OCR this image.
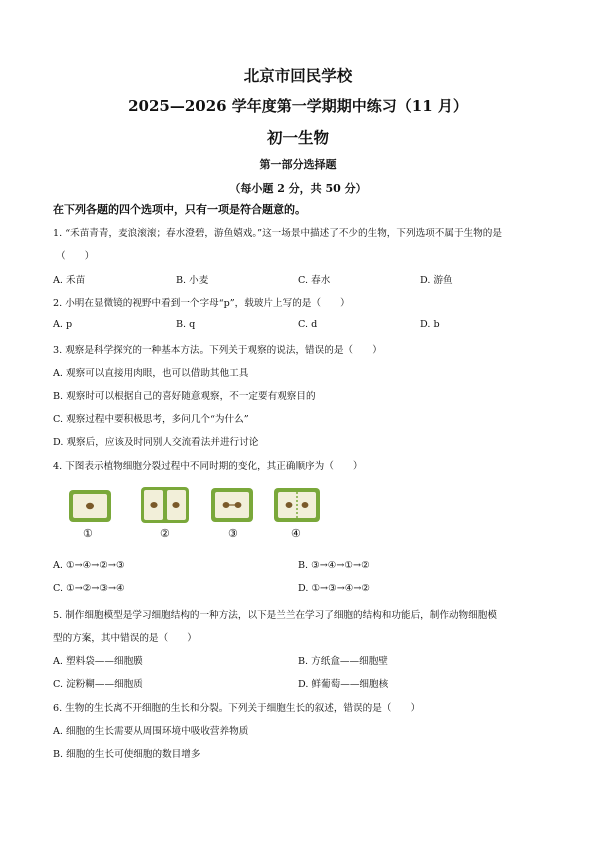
北京市回民学校
2025—2026 学年度第一学期期中练习（11 月）
初一生物
第一部分选择题
（每小题 2 分，共 50 分）
在下列各题的四个选项中，只有一项是符合题意的。
1. “禾苗青青，麦浪滚滚；春水澄碧，游鱼嬉戏。”这一场景中描述了不少的生物，下列选项不属于生物的是
（　　）
A. 禾苗	B. 小麦	C. 春水	D. 游鱼
2. 小明在显微镜的视野中看到一个字母“p”，载玻片上写的是（　　）
A. p	B. q	C. d	D. b
3. 观察是科学探究的一种基本方法。下列关于观察的说法，错误的是（　　）
A. 观察可以直接用肉眼，也可以借助其他工具
B. 观察时可以根据自己的喜好随意观察，不一定要有观察目的
C. 观察过程中要积极思考，多问几个“为什么”
D. 观察后，应该及时同别人交流看法并进行讨论
4. 下图表示植物细胞分裂过程中不同时期的变化，其正确顺序为（　　）
①	②	③	④
A. ①→④→②→③	B. ③→④→①→②
C. ①→②→③→④	D. ①→③→④→②
5. 制作细胞模型是学习细胞结构的一种方法，以下是兰兰在学习了细胞的结构和功能后，制作动物细胞模
型的方案，其中错误的是（　　）
A. 塑料袋——细胞膜	B. 方纸盒——细胞壁
C. 淀粉糊——细胞质	D. 鲜葡萄——细胞核
6. 生物的生长离不开细胞的生长和分裂。下列关于细胞生长的叙述，错误的是（　　）
A. 细胞的生长需要从周围环境中吸收营养物质
B. 细胞的生长可使细胞的数目增多
